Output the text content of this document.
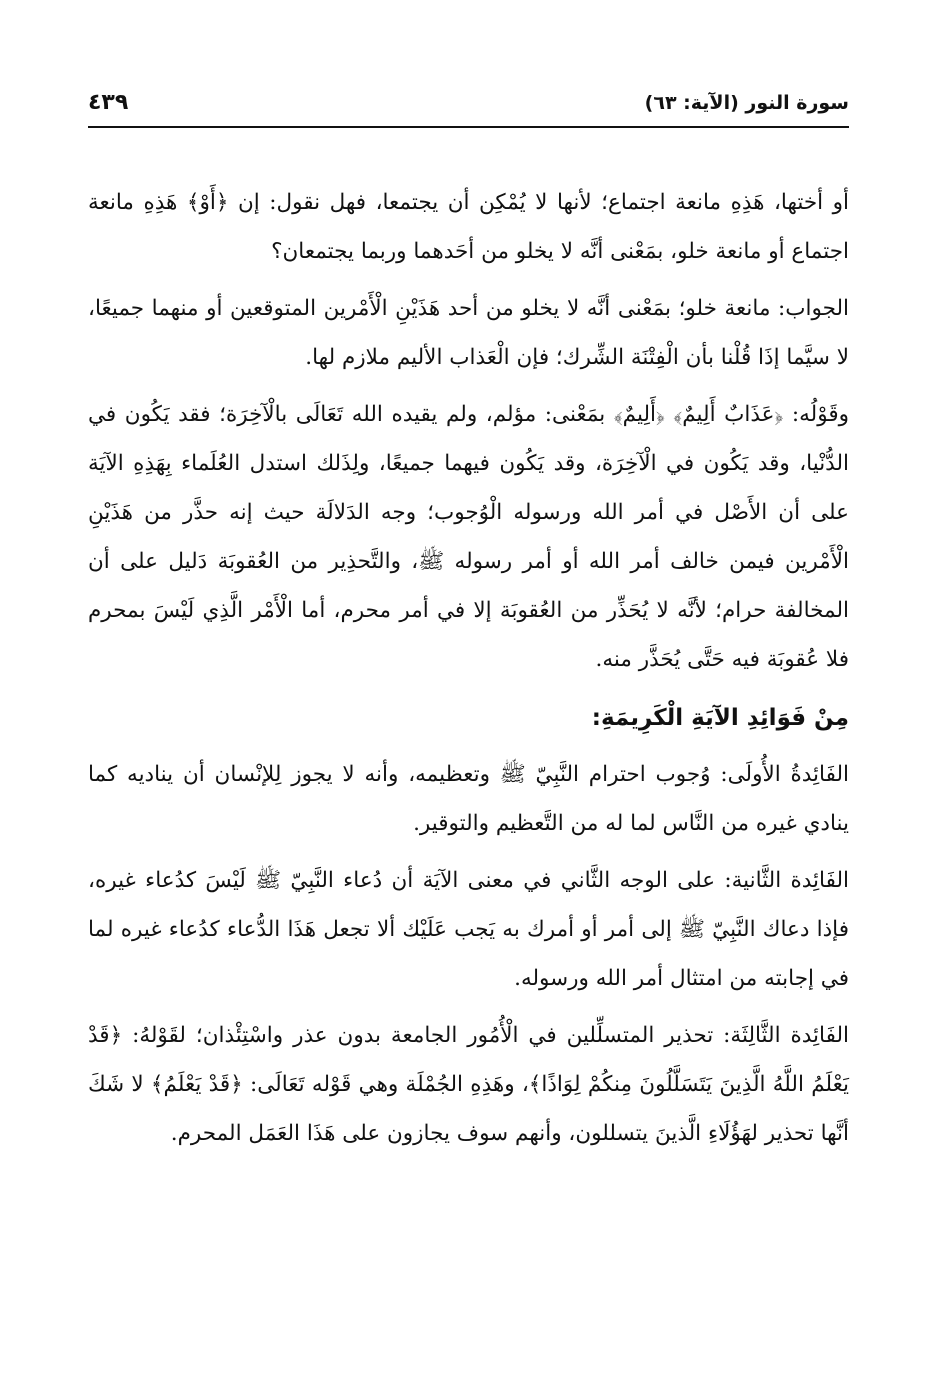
سورة النور (الآية: ٦٣)
٤٣٩

أو أختها، هَذِهِ مانعة اجتماع؛ لأنها لا يُمْكِن أن يجتمعا، فهل نقول: إن ﴿أَوْ﴾ هَذِهِ مانعة اجتماع أو مانعة خلو، بمَعْنى أنَّه لا يخلو من أحَدهما وربما يجتمعان؟

الجواب: مانعة خلو؛ بمَعْنى أنَّه لا يخلو من أحد هَذَيْنِ الْأَمْرين المتوقعين أو منهما جميعًا، لا سيَّما إذَا قُلْنا بأن الْفِتْنَة الشِّرك؛ فإن الْعَذاب الأليم ملازم لها.

وقَوْلُه: ﴿عَذَابٌ أَلِيمٌ﴾ ﴿أَلِيمٌ﴾ بمَعْنى: مؤلم، ولم يقيده الله تَعَالَى بالْآخِرَة؛ فقد يَكُون في الدُّنْيا، وقد يَكُون في الْآخِرَة، وقد يَكُون فيهما جميعًا، ولِذَلك استدل العُلَماء بِهَذِهِ الآيَة على أن الأَصْل في أمر الله ورسوله الْوُجوب؛ وجه الدَلالَة حيث إنه حذَّر من هَذَيْنِ الْأَمْرين فيمن خالف أمر الله أو أمر رسوله ﷺ، والتَّحذِير من العُقوبَة دَليل على أن المخالفة حرام؛ لأنَّه لا يُحَذِّر من العُقوبَة إلا في أمر محرم، أما الْأَمْر الَّذِي لَيْسَ بمحرم فلا عُقوبَة فيه حَتَّى يُحَذَّر منه.

مِنْ فَوَائِدِ الآيَةِ الْكَرِيمَةِ:

الفَائِدةُ الأُولَى: وُجوب احترام النَّبِيّ ﷺ وتعظيمه، وأنه لا يجوز لِلإنْسان أن يناديه كما ينادي غيره من النَّاس لما له من التَّعظيم والتوقير.

الفَائِدة الثَّانية: على الوجه الثَّاني في معنى الآيَة أن دُعاء النَّبِيّ ﷺ لَيْسَ كدُعاء غيره، فإذا دعاك النَّبِيّ ﷺ إلى أمر أو أمرك به يَجب عَلَيْك ألا تجعل هَذَا الدُّعاء كدُعاء غيره لما في إجابته من امتثال أمر الله ورسوله.

الفَائِدة الثَّالِثَة: تحذير المتسلِّلين في الْأُمُور الجامعة بدون عذر واسْتِئْذان؛ لقَوْلهُ: ﴿قَدْ يَعْلَمُ اللَّهُ الَّذِينَ يَتَسَلَّلُونَ مِنكُمْ لِوَاذًا﴾، وهَذِهِ الجُمْلَة وهي قَوْله تَعَالَى: ﴿قَدْ يَعْلَمُ﴾ لا شَكَ أنَّها تحذير لهَؤُلَاءِ الَّذينَ يتسللون، وأنهم سوف يجازون على هَذَا العَمَل المحرم.
